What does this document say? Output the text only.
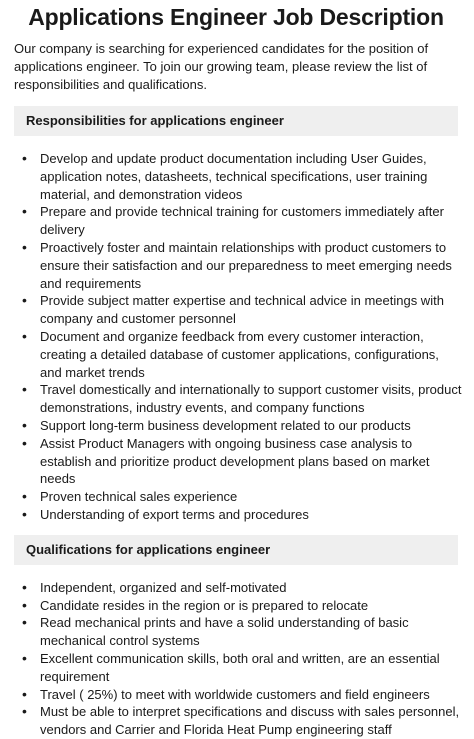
Applications Engineer Job Description

Our company is searching for experienced candidates for the position of applications engineer. To join our growing team, please review the list of responsibilities and qualifications.

Responsibilities for applications engineer
• Develop and update product documentation including User Guides, application notes, datasheets, technical specifications, user training material, and demonstration videos
• Prepare and provide technical training for customers immediately after delivery
• Proactively foster and maintain relationships with product customers to ensure their satisfaction and our preparedness to meet emerging needs and requirements
• Provide subject matter expertise and technical advice in meetings with company and customer personnel
• Document and organize feedback from every customer interaction, creating a detailed database of customer applications, configurations, and market trends
• Travel domestically and internationally to support customer visits, product demonstrations, industry events, and company functions
• Support long-term business development related to our products
• Assist Product Managers with ongoing business case analysis to establish and prioritize product development plans based on market needs
• Proven technical sales experience
• Understanding of export terms and procedures
Qualifications for applications engineer
• Independent, organized and self-motivated
• Candidate resides in the region or is prepared to relocate
• Read mechanical prints and have a solid understanding of basic mechanical control systems
• Excellent communication skills, both oral and written, are an essential requirement
• Travel ( 25%) to meet with worldwide customers and field engineers
• Must be able to interpret specifications and discuss with sales personnel, vendors and Carrier and Florida Heat Pump engineering staff
